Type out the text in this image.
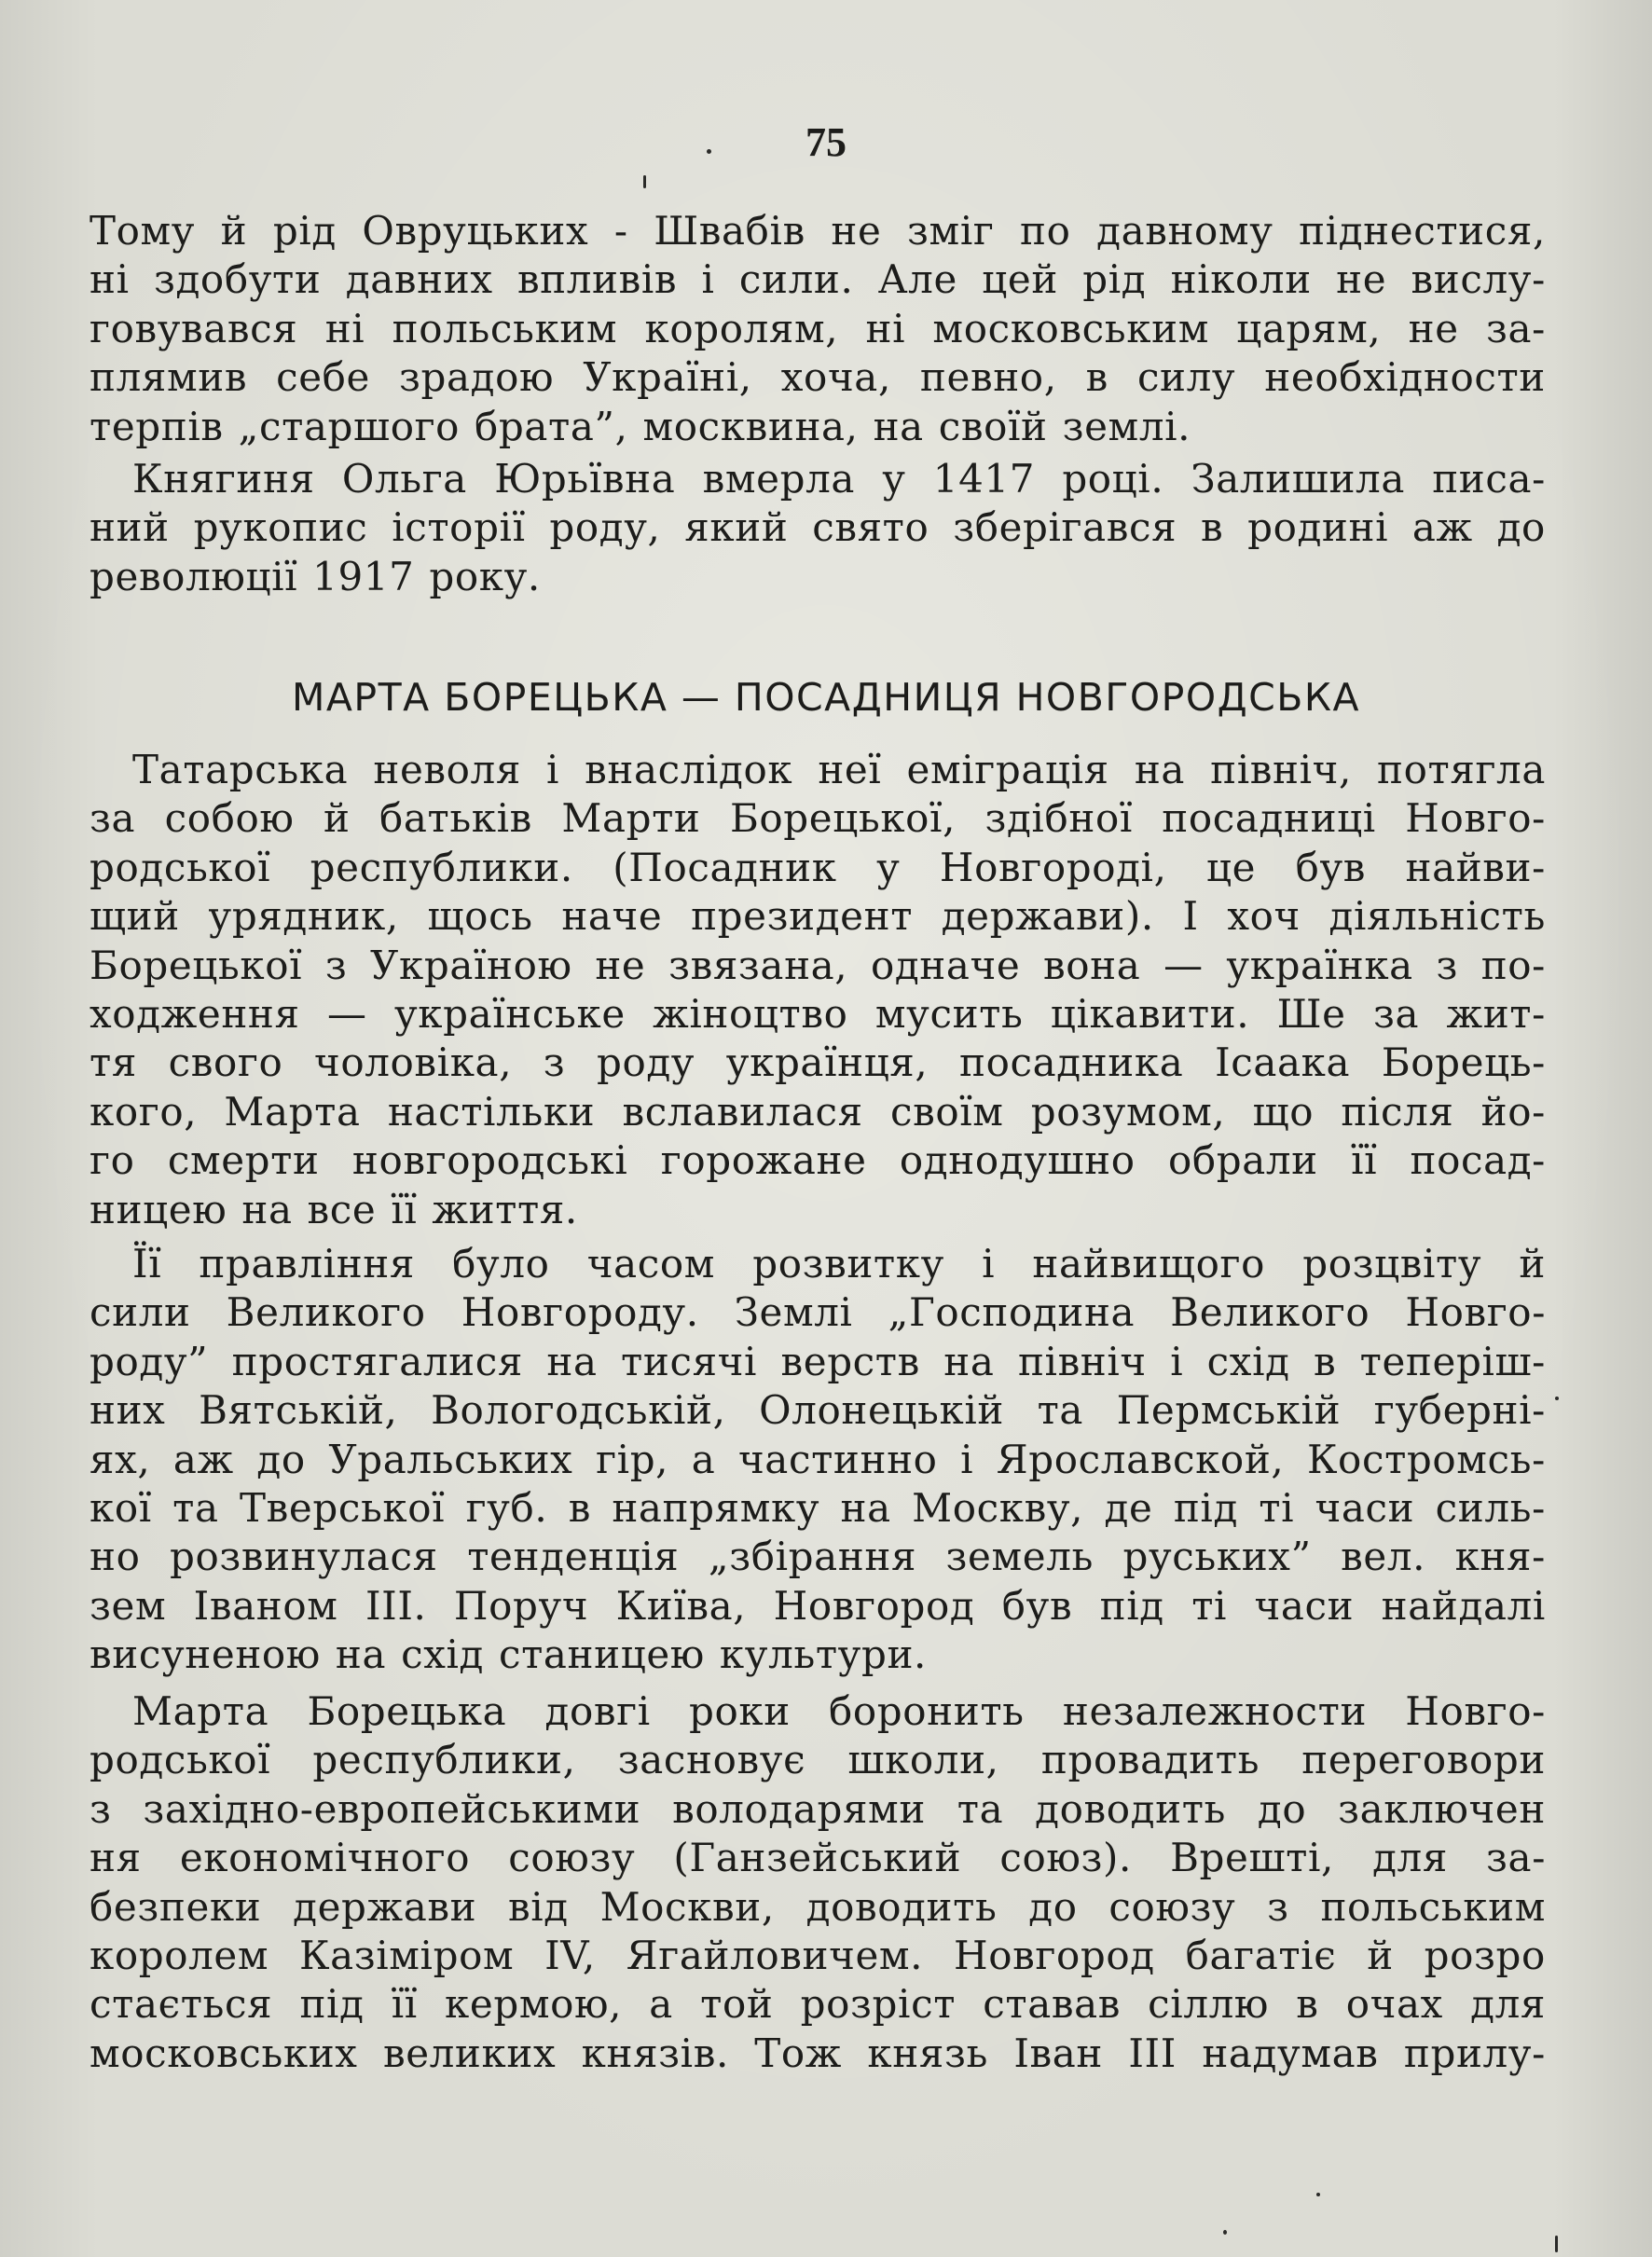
75

Тому й рід Овруцьких - Швабів не зміг по давному піднестися,
ні здобути давних впливів і сили. Але цей рід ніколи не вислу-
говувався ні польським королям, ні московським царям, не за-
плямив себе зрадою Україні, хоча, певно, в силу необхідности
терпів „старшого брата”, москвина, на своїй землі.

Княгиня Ольга Юрьївна вмерла у 1417 році. Залишила писа-
ний рукопис історії роду, який свято зберігався в родині аж до
революції 1917 року.

МАРТА БОРЕЦЬКА — ПОСАДНИЦЯ НОВГОРОДСЬКА

Татарська неволя і внаслідок неї еміграція на північ, потягла
за собою й батьків Марти Борецької, здібної посадниці Новго-
родської республики. (Посадник у Новгороді, це був найви-
щий урядник, щось наче президент держави). І хоч діяльність
Борецької з Україною не звязана, одначе вона — українка з по-
ходження — українське жіноцтво мусить цікавити. Ше за жит-
тя свого чоловіка, з роду українця, посадника Ісаака Борець-
кого, Марта настільки вславилася своїм розумом, що після йо-
го смерти новгородські горожане однодушно обрали її посад-
ницею на все її життя.

Її правління було часом розвитку і найвищого розцвіту й
сили Великого Новгороду. Землі „Господина Великого Новго-
роду” простягалися на тисячі верств на північ і схід в теперіш-
них Вятській, Вологодській, Олонецькій та Пермській губерні-
ях, аж до Уральських гір, а частинно і Ярославской, Костромсь-
кої та Тверської губ. в напрямку на Москву, де під ті часи силь-
но розвинулася тенденція „збірання земель руських” вел. кня-
зем Іваном III. Поруч Київа, Новгород був під ті часи найдалі
висуненою на схід станицею культури.

Марта Борецька довгі роки боронить незалежности Новго-
родської республики, засновує школи, провадить переговори
з західно-европейськими володарями та доводить до заключен
ня економічного союзу (Ганзейський союз). Врешті, для за-
безпеки держави від Москви, доводить до союзу з польським
королем Казіміром IV, Ягайловичем. Новгород багатіє й розро
стається під її кермою, а той розріст ставав сіллю в очах для
московських великих князів. Тож князь Іван III надумав прилу-
